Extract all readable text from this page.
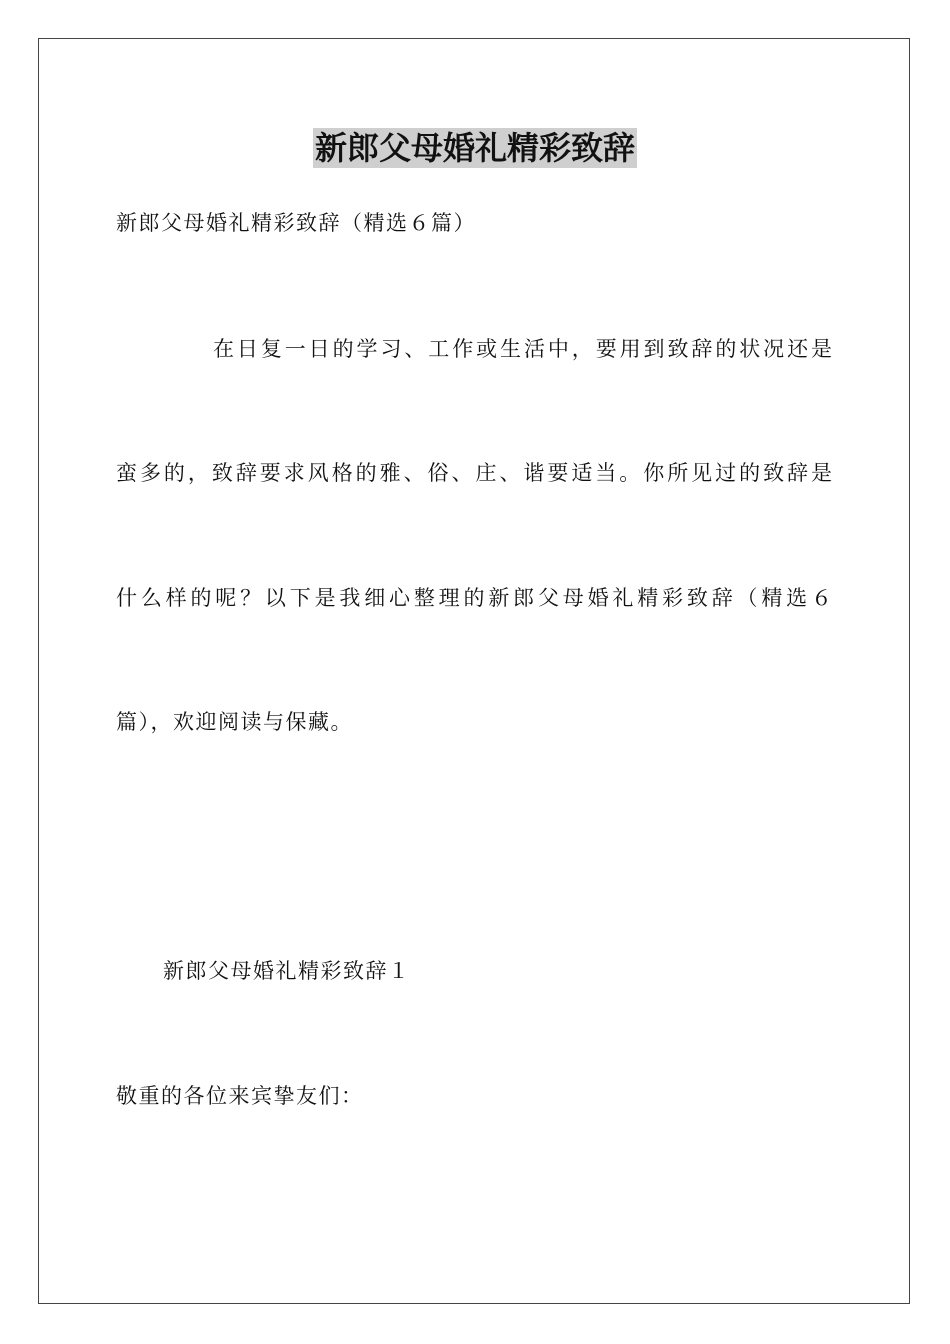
新郎父母婚礼精彩致辞
新郎父母婚礼精彩致辞（精选６篇）
在日复一日的学习、工作或生活中，要用到致辞的状况还是
蛮多的，致辞要求风格的雅、俗、庄、谐要适当。你所见过的致辞是
什么样的呢？以下是我细心整理的新郎父母婚礼精彩致辞（精选６
篇），欢迎阅读与保藏。
新郎父母婚礼精彩致辞１
敬重的各位来宾挚友们：
